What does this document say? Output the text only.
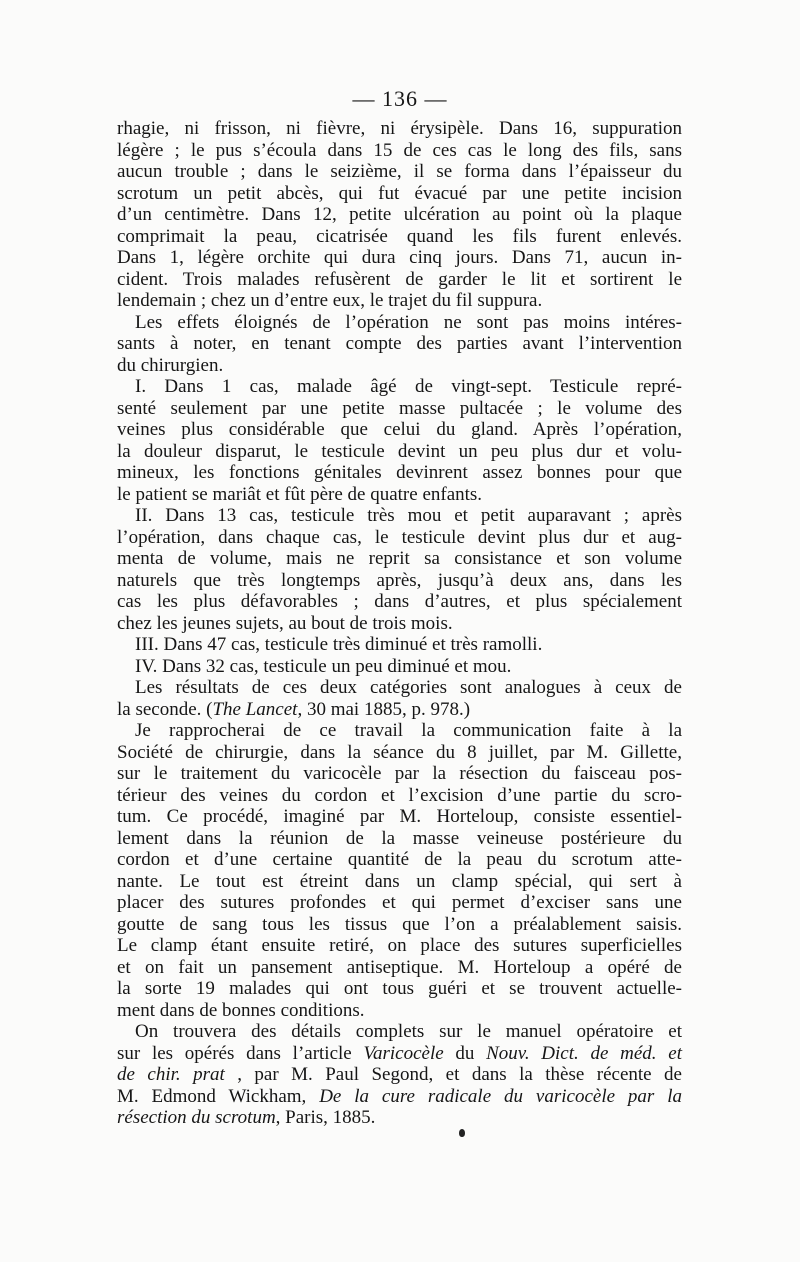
— 136 —
rhagie, ni frisson, ni fièvre, ni érysipèle. Dans 16, suppuration
légère ; le pus s’écoula dans 15 de ces cas le long des fils, sans
aucun trouble ; dans le seizième, il se forma dans l’épaisseur du
scrotum un petit abcès, qui fut évacué par une petite incision
d’un centimètre. Dans 12, petite ulcération au point où la plaque
comprimait la peau, cicatrisée quand les fils furent enlevés.
Dans 1, légère orchite qui dura cinq jours. Dans 71, aucun in-
cident. Trois malades refusèrent de garder le lit et sortirent le
lendemain ; chez un d’entre eux, le trajet du fil suppura.
Les effets éloignés de l’opération ne sont pas moins intéres-
sants à noter, en tenant compte des parties avant l’intervention
du chirurgien.
I. Dans 1 cas, malade âgé de vingt-sept. Testicule repré-
senté seulement par une petite masse pultacée ; le volume des
veines plus considérable que celui du gland. Après l’opération,
la douleur disparut, le testicule devint un peu plus dur et volu-
mineux, les fonctions génitales devinrent assez bonnes pour que
le patient se mariât et fût père de quatre enfants.
II. Dans 13 cas, testicule très mou et petit auparavant ; après
l’opération, dans chaque cas, le testicule devint plus dur et aug-
menta de volume, mais ne reprit sa consistance et son volume
naturels que très longtemps après, jusqu’à deux ans, dans les
cas les plus défavorables ; dans d’autres, et plus spécialement
chez les jeunes sujets, au bout de trois mois.
III. Dans 47 cas, testicule très diminué et très ramolli.
IV. Dans 32 cas, testicule un peu diminué et mou.
Les résultats de ces deux catégories sont analogues à ceux de
la seconde. (The Lancet, 30 mai 1885, p. 978.)
Je rapprocherai de ce travail la communication faite à la
Société de chirurgie, dans la séance du 8 juillet, par M. Gillette,
sur le traitement du varicocèle par la résection du faisceau pos-
térieur des veines du cordon et l’excision d’une partie du scro-
tum. Ce procédé, imaginé par M. Horteloup, consiste essentiel-
lement dans la réunion de la masse veineuse postérieure du
cordon et d’une certaine quantité de la peau du scrotum atte-
nante. Le tout est étreint dans un clamp spécial, qui sert à
placer des sutures profondes et qui permet d’exciser sans une
goutte de sang tous les tissus que l’on a préalablement saisis.
Le clamp étant ensuite retiré, on place des sutures superficielles
et on fait un pansement antiseptique. M. Horteloup a opéré de
la sorte 19 malades qui ont tous guéri et se trouvent actuelle-
ment dans de bonnes conditions.
On trouvera des détails complets sur le manuel opératoire et
sur les opérés dans l’article Varicocèle du Nouv. Dict. de méd. et
de chir. prat , par M. Paul Segond, et dans la thèse récente de
M. Edmond Wickham, De la cure radicale du varicocèle par la
résection du scrotum, Paris, 1885.
